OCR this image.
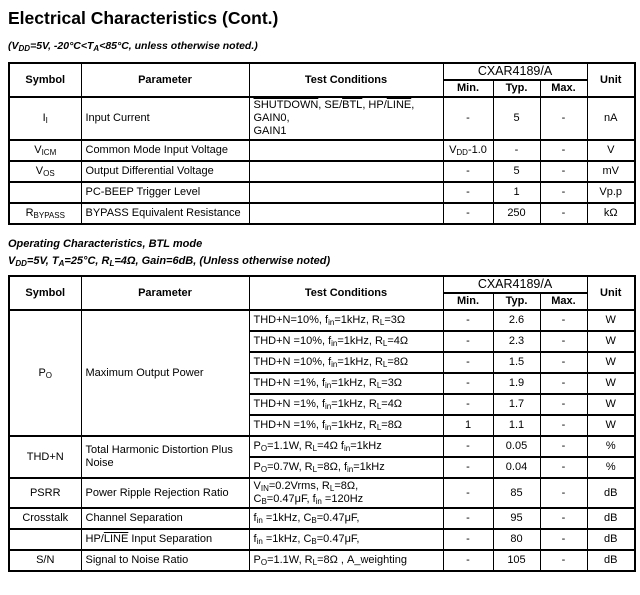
Electrical Characteristics (Cont.)
($V_{DD}=5V$, $-20^\circ C<T_A<85^\circ C$, unless otherwise noted.)
Symbol	Parameter	Test Conditions	CXAR4189/A			Unit
			Min.	Typ.	Max.	
$I_I$	Input Current	SHUTDOWN, $SE/\overline{BTL}$, HP/LINE, GAIN0,
GAIN1	-	5	-	nA
$V_{ICM}$	Common Mode Input Voltage		$V_{DD}-1.0$	-	-	V
$V_{OS}$	Output Differential Voltage		-	5	-	mV
	PC-BEEP Trigger Level		-	1	-	Vp.p
$R_{BYPASS}$	BYPASS Equivalent Resistance		-	250	-	kΩ
Operating Characteristics, BTL mode
$V_{DD}=5V$, $T_A=25^\circ C$, $R_L=4\Omega$, Gain=6dB, (Unless otherwise noted)
Symbol	Parameter	Test Conditions	CXAR4189/A			Unit
			Min.	Typ.	Max.	
$P_O$	Maximum Output Power	THD+N=10%, $f_{in}=1kHz$, $R_L=3\Omega$	-	2.6	-	W
		THD+N =10%, $f_{in}=1kHz$, $R_L=4\Omega$	-	2.3	-	W
		THD+N =10%, $f_{in}=1kHz$, $R_L=8\Omega$	-	1.5	-	W
		THD+N =1%, $f_{in}=1kHz$, $R_L=3\Omega$	-	1.9	-	W
		THD+N =1%, $f_{in}=1kHz$, $R_L=4\Omega$	-	1.7	-	W
		THD+N =1%, $f_{in}=1kHz$, $R_L=8\Omega$	1	1.1	-	W
THD+N	Total Harmonic Distortion Plus Noise	$P_O=1.1W$, $R_L=4\Omega$ $f_{in}=1kHz$	-	0.05	-	%
		$P_O=0.7W$, $R_L=8\Omega$, $f_{in}=1kHz$	-	0.04	-	%
PSRR	Power Ripple Rejection Ratio	$V_{IN}=0.2Vrms$, $R_L=8\Omega$,
$C_B=0.47\mu F$, $f_{in} =120Hz$	-	85	-	dB
Crosstalk	Channel Separation	$f_{in} =1kHz$, $C_B=0.47\mu F$,	-	95	-	dB
	HP/LINE Input Separation	$f_{in} =1kHz$, $C_B=0.47\mu F$,	-	80	-	dB
S/N	Signal to Noise Ratio	$P_O=1.1W$, $R_L=8\Omega$ , A_weighting	-	105	-	dB
